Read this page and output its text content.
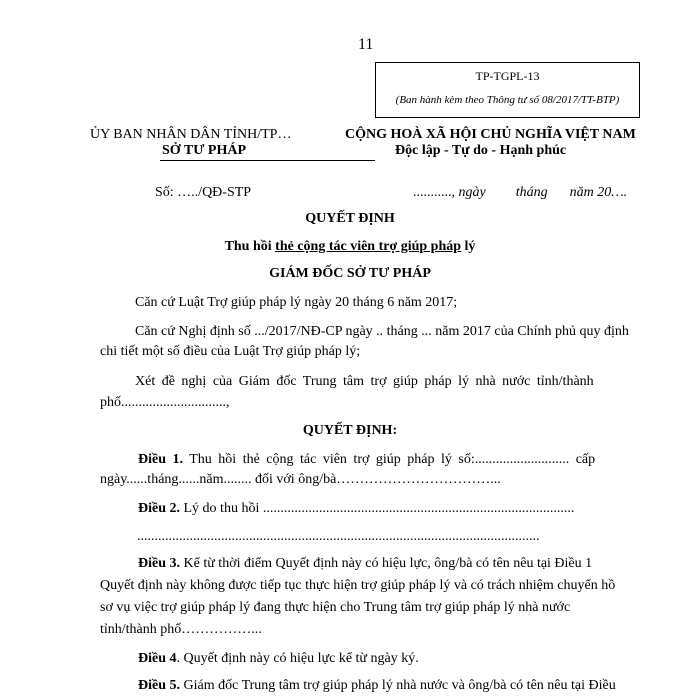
11
TP-TGPL-13
(Ban hành kèm theo Thông tư số 08/2017/TT-BTP)
ỦY BAN NHÂN DÂN TỈNH/TP…
SỞ TƯ PHÁP
CỘNG HOÀ XÃ HỘI CHỦ NGHĨA VIỆT NAM
Độc lập - Tự do - Hạnh phúc
Số: …../QĐ-STP	..........., ngày tháng năm 20….
QUYẾT ĐỊNH
Thu hồi thẻ cộng tác viên trợ giúp pháp lý
GIÁM ĐỐC SỞ TƯ PHÁP
Căn cứ Luật Trợ giúp pháp lý ngày 20 tháng 6 năm 2017;
Căn cứ Nghị định số .../2017/NĐ-CP ngày .. tháng ... năm 2017 của Chính phủ quy định
chi tiết một số điều của Luật Trợ giúp pháp lý;
Xét đề nghị của Giám đốc Trung tâm trợ giúp pháp lý nhà nước tỉnh/thành
phố..............................,
QUYẾT ĐỊNH:
Điều 1. Thu hồi thẻ cộng tác viên trợ giúp pháp lý số:........................... cấp
ngày......tháng......năm........ đối với ông/bà……………………………...
Điều 2. Lý do thu hồi .........................................................................................
...................................................................................................................
Điều 3. Kể từ thời điểm Quyết định này có hiệu lực, ông/bà có tên nêu tại Điều 1
Quyết định này không được tiếp tục thực hiện trợ giúp pháp lý và có trách nhiệm chuyển hồ
sơ vụ việc trợ giúp pháp lý đang thực hiện cho Trung tâm trợ giúp pháp lý nhà nước
tỉnh/thành phố……………...
Điều 4. Quyết định này có hiệu lực kể từ ngày ký.
Điều 5. Giám đốc Trung tâm trợ giúp pháp lý nhà nước và ông/bà có tên nêu tại Điều
